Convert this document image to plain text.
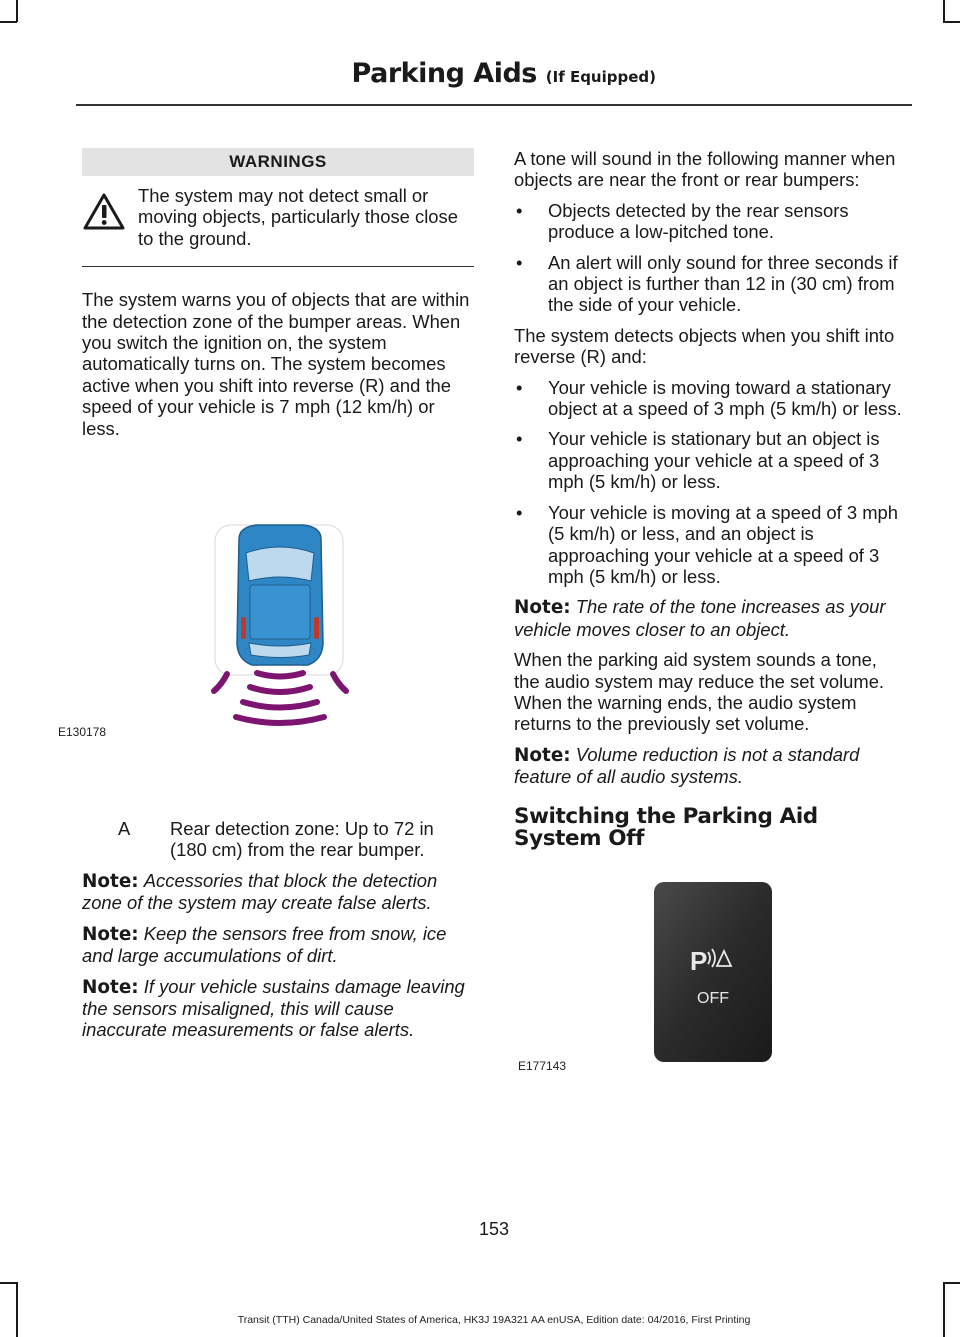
Parking Aids (If Equipped)
WARNINGS
The system may not detect small or moving objects, particularly those close to the ground.

The system warns you of objects that are within the detection zone of the bumper areas. When you switch the ignition on, the system automatically turns on. The system becomes active when you shift into reverse (R) and the speed of your vehicle is 7 mph (12 km/h) or less.

E130178
A	Rear detection zone: Up to 72 in (180 cm) from the rear bumper.

Note: Accessories that block the detection zone of the system may create false alerts.

Note: Keep the sensors free from snow, ice and large accumulations of dirt.

Note: If your vehicle sustains damage leaving the sensors misaligned, this will cause inaccurate measurements or false alerts.

A tone will sound in the following manner when objects are near the front or rear bumpers:

• Objects detected by the rear sensors produce a low-pitched tone.
• An alert will only sound for three seconds if an object is further than 12 in (30 cm) from the side of your vehicle.

The system detects objects when you shift into reverse (R) and:

• Your vehicle is moving toward a stationary object at a speed of 3 mph (5 km/h) or less.
• Your vehicle is stationary but an object is approaching your vehicle at a speed of 3 mph (5 km/h) or less.
• Your vehicle is moving at a speed of 3 mph (5 km/h) or less, and an object is approaching your vehicle at a speed of 3 mph (5 km/h) or less.

Note: The rate of the tone increases as your vehicle moves closer to an object.

When the parking aid system sounds a tone, the audio system may reduce the set volume. When the warning ends, the audio system returns to the previously set volume.

Note: Volume reduction is not a standard feature of all audio systems.

Switching the Parking Aid System Off

P
OFF
E177143
153
Transit (TTH) Canada/United States of America, HK3J 19A321 AA enUSA, Edition date: 04/2016, First Printing
